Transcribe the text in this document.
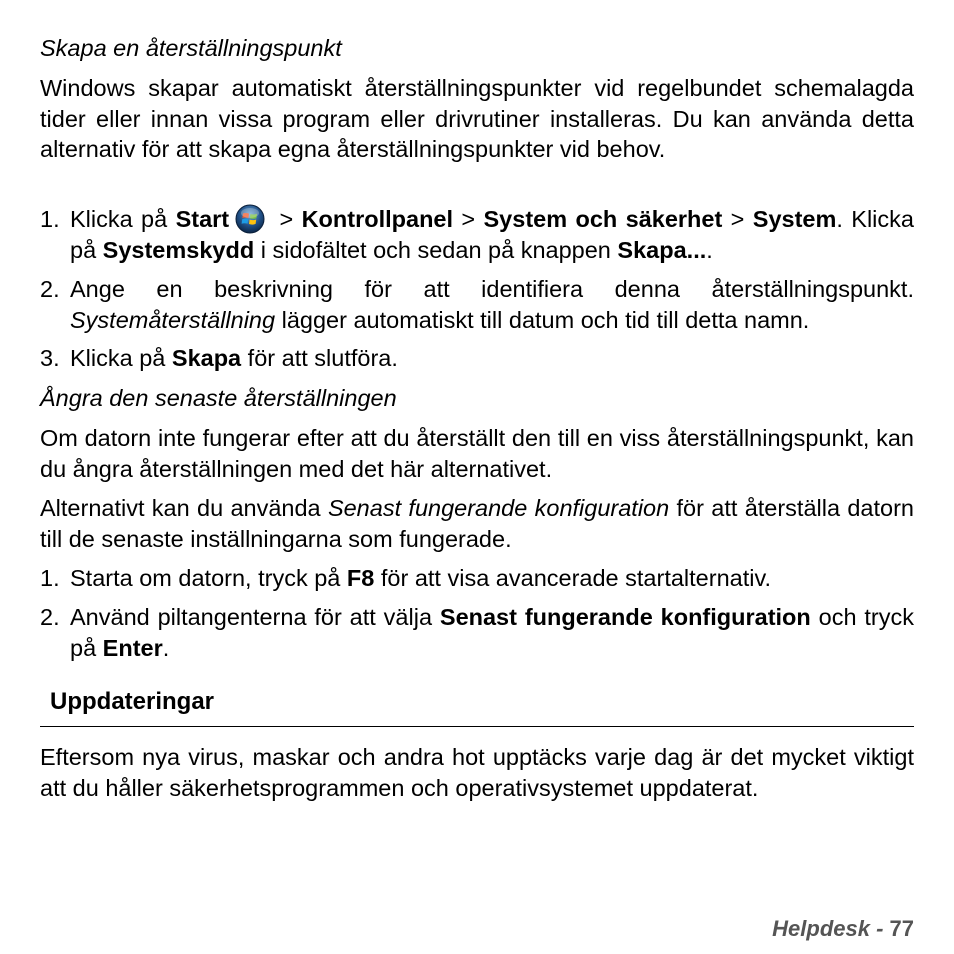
Skapa en återställningspunkt
Windows skapar automatiskt återställningspunkter vid regelbundet schemalagda tider eller innan vissa program eller drivrutiner installeras. Du kan använda detta alternativ för att skapa egna återställningspunkter vid behov.
1. Klicka på Start > Kontrollpanel > System och säkerhet > System. Klicka på Systemskydd i sidofältet och sedan på knappen Skapa....
2. Ange en beskrivning för att identifiera denna återställningspunkt. Systemåterställning lägger automatiskt till datum och tid till detta namn.
3. Klicka på Skapa för att slutföra.
Ångra den senaste återställningen
Om datorn inte fungerar efter att du återställt den till en viss återställningspunkt, kan du ångra återställningen med det här alternativet.
Alternativt kan du använda Senast fungerande konfiguration för att återställa datorn till de senaste inställningarna som fungerade.
1. Starta om datorn, tryck på F8 för att visa avancerade startalternativ.
2. Använd piltangenterna för att välja Senast fungerande konfiguration och tryck på Enter.
Uppdateringar
Eftersom nya virus, maskar och andra hot upptäcks varje dag är det mycket viktigt att du håller säkerhetsprogrammen och operativsystemet uppdaterat.
Helpdesk - 77
